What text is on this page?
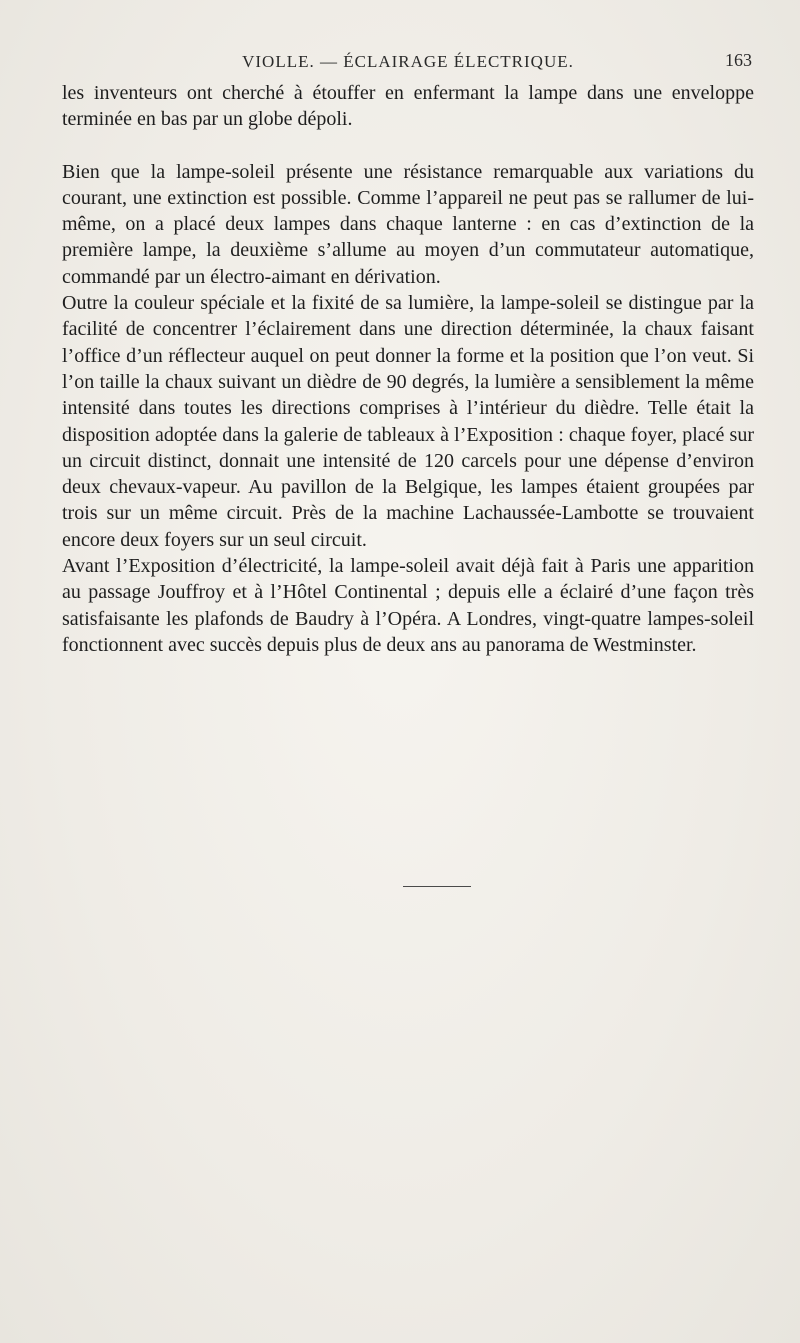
VIOLLE. — ÉCLAIRAGE ÉLECTRIQUE.	163

les inventeurs ont cherché à étouffer en enfermant la lampe dans une enveloppe terminée en bas par un globe dépoli.

Bien que la lampe-soleil présente une résistance remarquable aux variations du courant, une extinction est possible. Comme l’appareil ne peut pas se rallumer de lui-même, on a placé deux lampes dans chaque lanterne : en cas d’extinction de la première lampe, la deuxième s’allume au moyen d’un commutateur automatique, commandé par un électro-aimant en dérivation.

Outre la couleur spéciale et la fixité de sa lumière, la lampe-soleil se distingue par la facilité de concentrer l’éclairement dans une direction déterminée, la chaux faisant l’office d’un réflecteur auquel on peut donner la forme et la position que l’on veut. Si l’on taille la chaux suivant un dièdre de 90 degrés, la lumière a sensiblement la même intensité dans toutes les directions comprises à l’intérieur du dièdre. Telle était la disposition adoptée dans la galerie de tableaux à l’Exposition : chaque foyer, placé sur un circuit distinct, donnait une intensité de 120 carcels pour une dépense d’environ deux chevaux-vapeur. Au pavillon de la Belgique, les lampes étaient groupées par trois sur un même circuit. Près de la machine Lachaussée-Lambotte se trouvaient encore deux foyers sur un seul circuit.

Avant l’Exposition d’électricité, la lampe-soleil avait déjà fait à Paris une apparition au passage Jouffroy et à l’Hôtel Continental ; depuis elle a éclairé d’une façon très satisfaisante les plafonds de Baudry à l’Opéra. A Londres, vingt-quatre lampes-soleil fonctionnent avec succès depuis plus de deux ans au panorama de Westminster.
